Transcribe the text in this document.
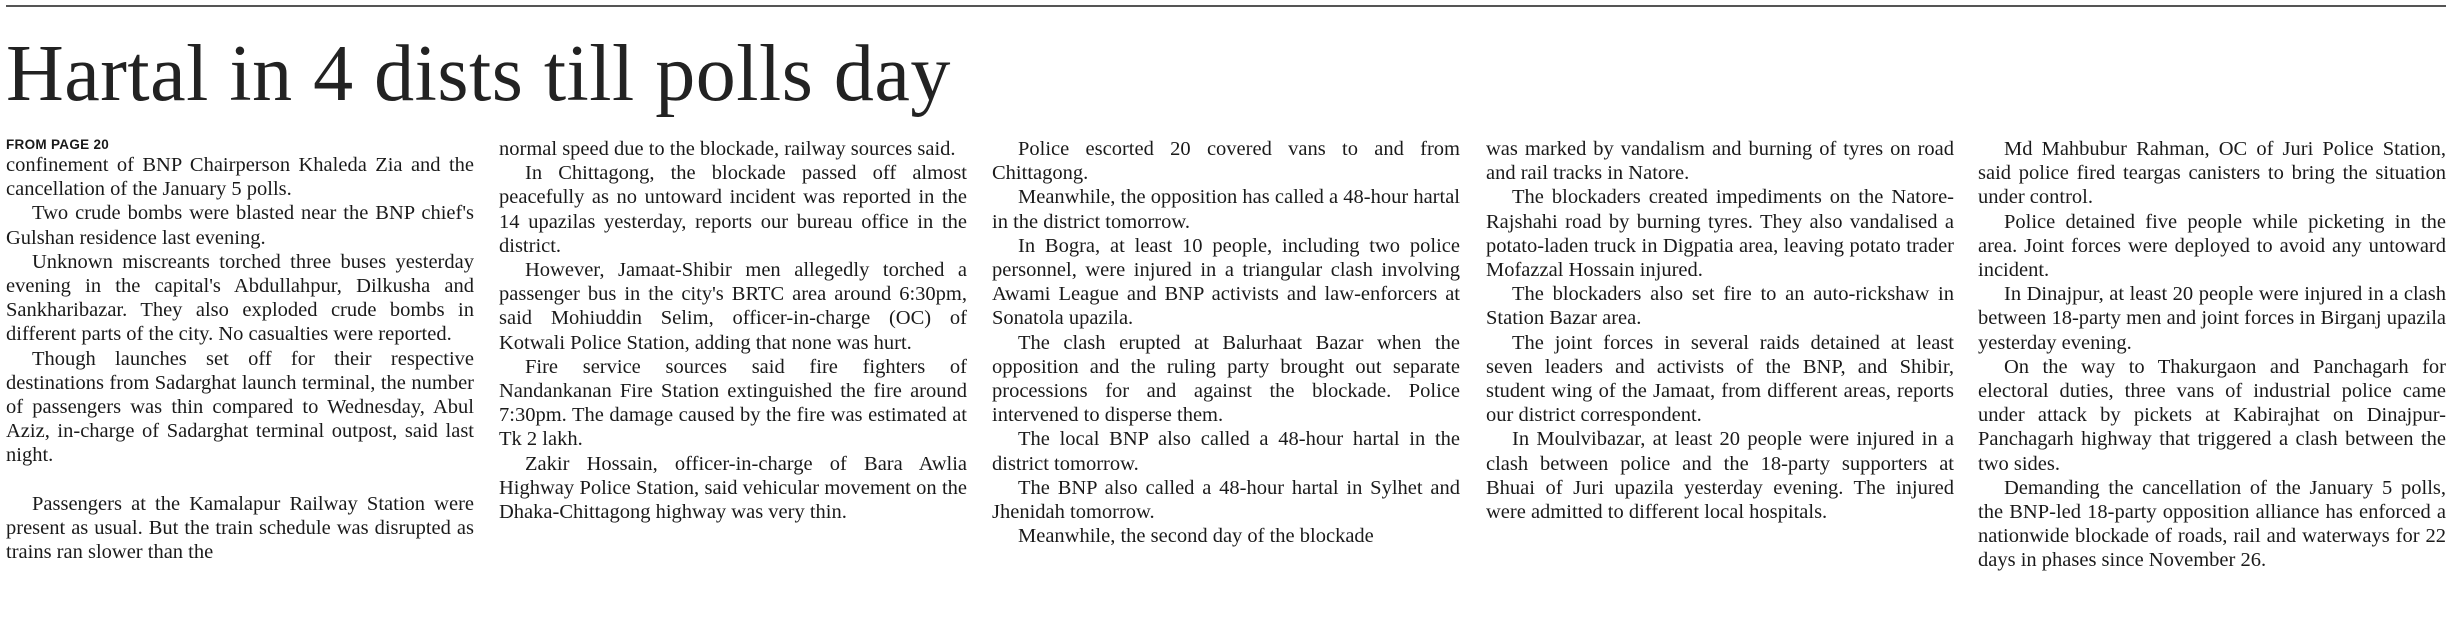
Hartal in 4 dists till polls day
FROM PAGE 20

confinement of BNP Chairperson Khaleda Zia and the cancellation of the January 5 polls.

Two crude bombs were blasted near the BNP chief's Gulshan residence last evening.

Unknown miscreants torched three buses yesterday evening in the capital's Abdullahpur, Dilkusha and Sankharibazar. They also exploded crude bombs in different parts of the city. No casualties were reported.

Though launches set off for their respective destinations from Sadarghat launch terminal, the number of passengers was thin compared to Wednesday, Abul Aziz, in-charge of Sadarghat terminal outpost, said last night.

Passengers at the Kamalapur Railway Station were present as usual. But the train schedule was disrupted as trains ran slower than the

normal speed due to the blockade, railway sources said.

In Chittagong, the blockade passed off almost peacefully as no untoward incident was reported in the 14 upazilas yesterday, reports our bureau office in the district.

However, Jamaat-Shibir men allegedly torched a passenger bus in the city's BRTC area around 6:30pm, said Mohiuddin Selim, officer-in-charge (OC) of Kotwali Police Station, adding that none was hurt.

Fire service sources said fire fighters of Nandankanan Fire Station extinguished the fire around 7:30pm. The damage caused by the fire was estimated at Tk 2 lakh.

Zakir Hossain, officer-in-charge of Bara Awlia Highway Police Station, said vehicular movement on the Dhaka-Chittagong highway was very thin.

Police escorted 20 covered vans to and from Chittagong.

Meanwhile, the opposition has called a 48-hour hartal in the district tomorrow.

In Bogra, at least 10 people, including two police personnel, were injured in a triangular clash involving Awami League and BNP activists and law-enforcers at Sonatola upazila.

The clash erupted at Balurhaat Bazar when the opposition and the ruling party brought out separate processions for and against the blockade. Police intervened to disperse them.

The local BNP also called a 48-hour hartal in the district tomorrow.

The BNP also called a 48-hour hartal in Sylhet and Jhenidah tomorrow.

Meanwhile, the second day of the blockade

was marked by vandalism and burning of tyres on road and rail tracks in Natore.

The blockaders created impediments on the Natore-Rajshahi road by burning tyres. They also vandalised a potato-laden truck in Digpatia area, leaving potato trader Mofazzal Hossain injured.

The blockaders also set fire to an auto-rickshaw in Station Bazar area.

The joint forces in several raids detained at least seven leaders and activists of the BNP, and Shibir, student wing of the Jamaat, from different areas, reports our district correspondent.

In Moulvibazar, at least 20 people were injured in a clash between police and the 18-party supporters at Bhuai of Juri upazila yesterday evening. The injured were admitted to different local hospitals.

Md Mahbubur Rahman, OC of Juri Police Station, said police fired teargas canisters to bring the situation under control.

Police detained five people while picketing in the area. Joint forces were deployed to avoid any untoward incident.

In Dinajpur, at least 20 people were injured in a clash between 18-party men and joint forces in Birganj upazila yesterday evening.

On the way to Thakurgaon and Panchagarh for electoral duties, three vans of industrial police came under attack by pickets at Kabirajhat on Dinajpur-Panchagarh highway that triggered a clash between the two sides.

Demanding the cancellation of the January 5 polls, the BNP-led 18-party opposition alliance has enforced a nationwide blockade of roads, rail and waterways for 22 days in phases since November 26.
